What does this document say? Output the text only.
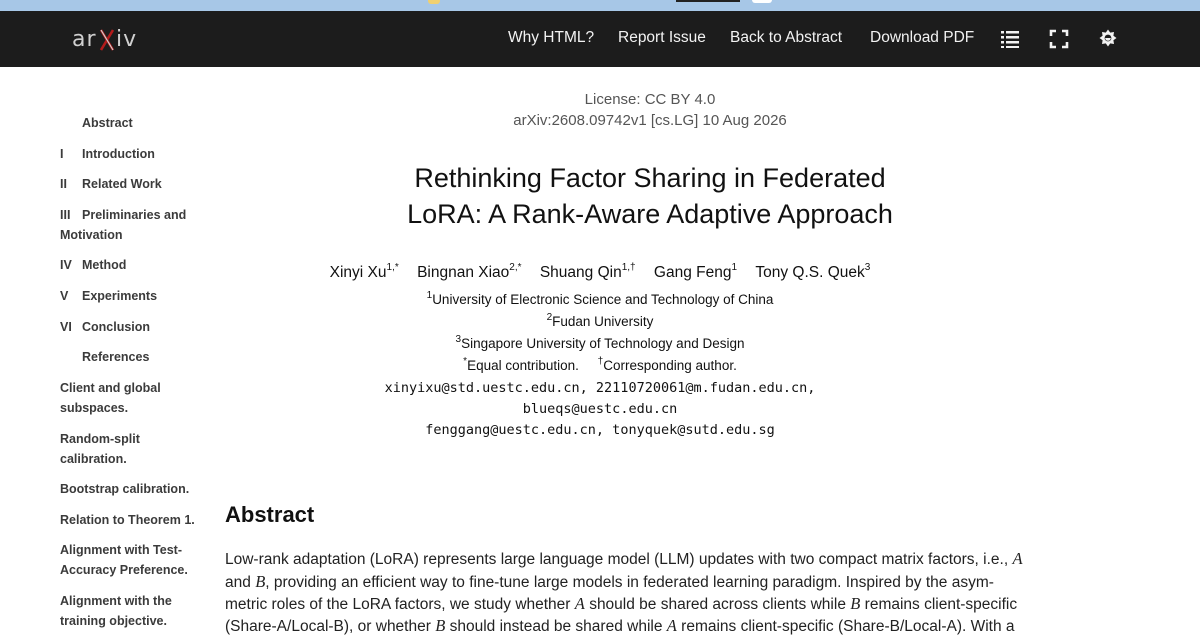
ar iv	Why HTML? Report Issue Back to Abstract Download PDF
Abstract
I Introduction
II Related Work
III Preliminaries and
Motivation
IV Method
V Experiments
VI Conclusion
References
Client and global
subspaces.
Random-split
calibration.
Bootstrap calibration.
Relation to Theorem 1.
Alignment with Test-
Accuracy Preference.
Alignment with the
training objective.
License: CC BY 4.0
arXiv:2608.09742v1 [cs.LG] 10 Aug 2026
Rethinking Factor Sharing in Federated
LoRA: A Rank-Aware Adaptive Approach
Xinyi $Xu^{1,*}$ Bingnan Xiao$^{2,*}$ Shuang Qin$^{1,\dagger}$ Gang Feng$^1$ Tony Q.S. Quek$^3$
$^1$University of Electronic Science and Technology of China
$^2$Fudan University
$^3$Singapore University of Technology and Design
*Equal contribution. †Corresponding author.
xinyixu@std.uestc.edu.cn, 22110720061@m.fudan.edu.cn,
blueqs@uestc.edu.cn
fenggang@uestc.edu.cn, tonyquek@sutd.edu.sg
Abstract
Low-rank adaptation (LoRA) represents large language model (LLM) updates with two compact matrix factors, i.e., A
and B, providing an efficient way to fine-tune large models in federated learning paradigm. Inspired by the asym-
metric roles of the LoRA factors, we study whether A should be shared across clients while B remains client-specific
(Share-A/Local-B), or whether B should instead be shared while A remains client-specific (Share-B/Local-A). With a
